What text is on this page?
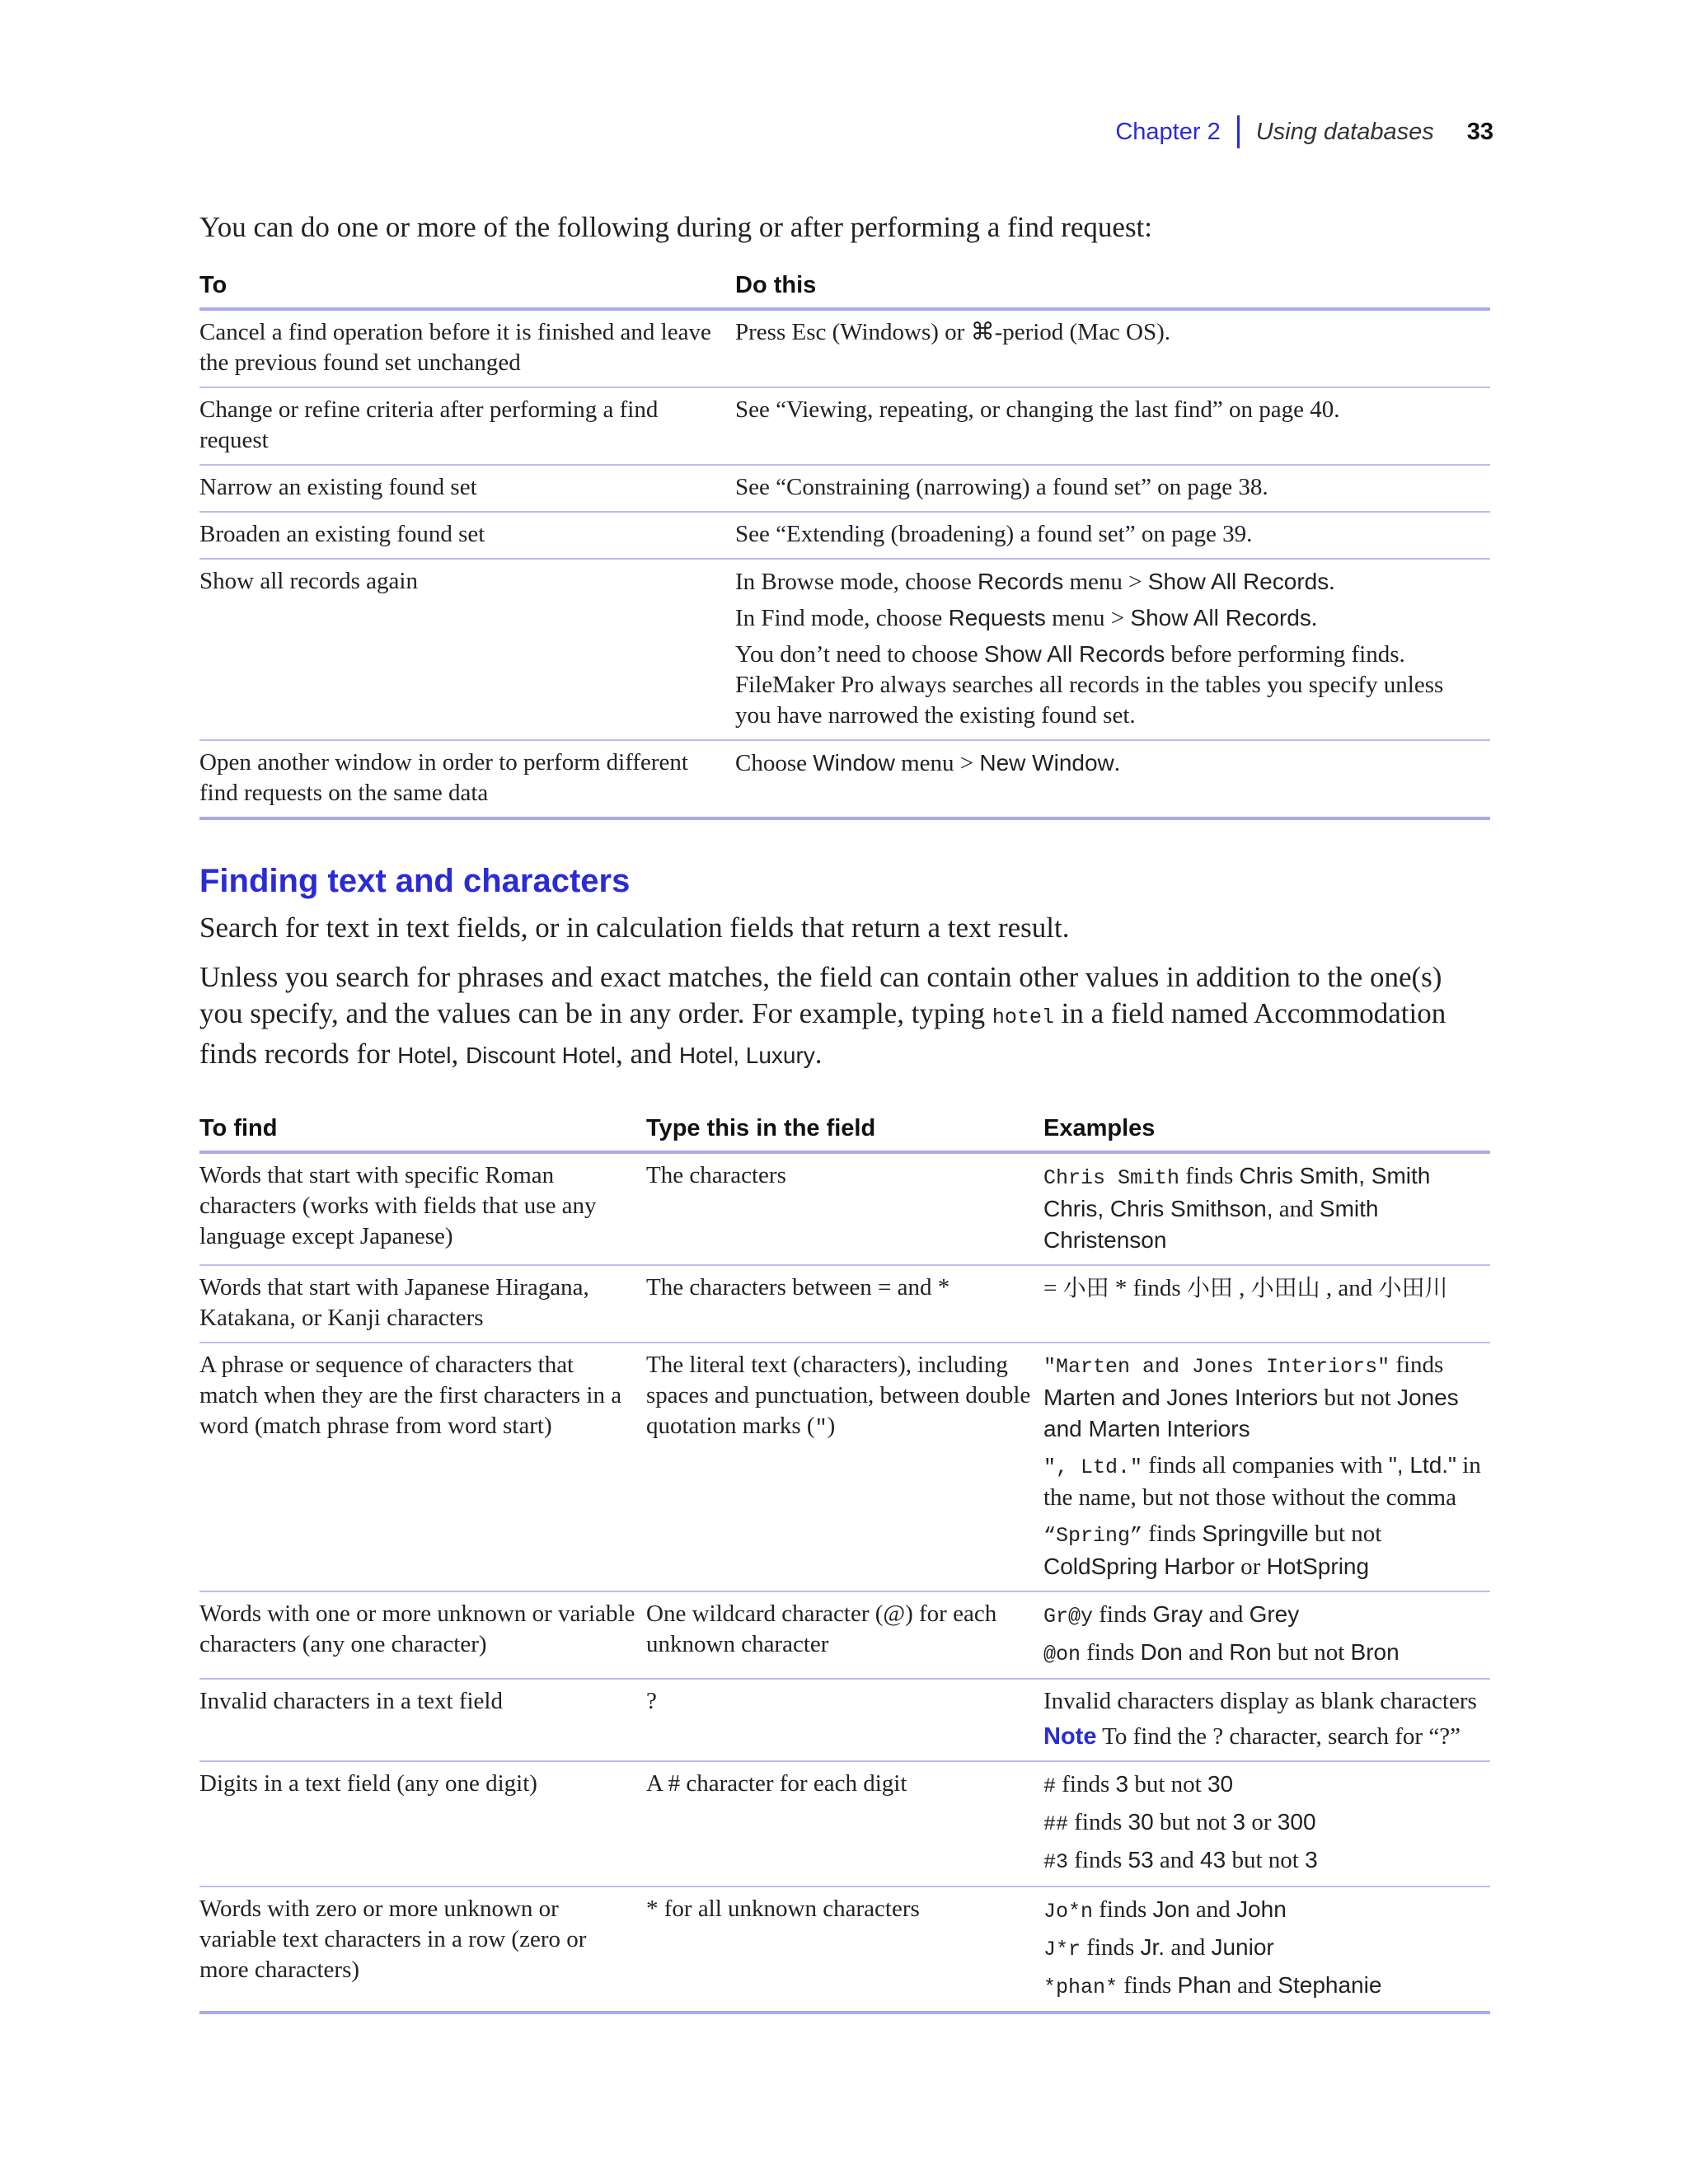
Chapter 2 Using databases 33

You can do one or more of the following during or after performing a find request:

To	Do this
Cancel a find operation before it is finished and leave the previous found set unchanged	Press Esc (Windows) or ⌘-period (Mac OS).

Change or refine criteria after performing a find request	See “Viewing, repeating, or changing the last find” on page 40.

Narrow an existing found set	See “Constraining (narrowing) a found set” on page 38.

Broaden an existing found set	See “Extending (broadening) a found set” on page 39.

Show all records again	In Browse mode, choose Records menu > Show All Records.
In Find mode, choose Requests menu > Show All Records.
You don’t need to choose Show All Records before performing finds. FileMaker Pro always searches all records in the tables you specify unless you have narrowed the existing found set.

Open another window in order to perform different find requests on the same data	Choose Window menu > New Window.
Finding text and characters

Search for text in text fields, or in calculation fields that return a text result.

Unless you search for phrases and exact matches, the field can contain other values in addition to the one(s) you specify, and the values can be in any order. For example, typing hotel in a field named Accommodation finds records for Hotel, Discount Hotel, and Hotel, Luxury.

To find	Type this in the field	Examples
Words that start with specific Roman characters (works with fields that use any language except Japanese)	The characters	Chris Smith finds Chris Smith, Smith Chris, Chris Smithson, and Smith Christenson

Words that start with Japanese Hiragana, Katakana, or Kanji characters	The characters between = and *	= 小田 * finds 小田 , 小田山 , and 小田川

A phrase or sequence of characters that match when they are the first characters in a word (match phrase from word start)	The literal text (characters), including spaces and punctuation, between double quotation marks (")	"Marten and Jones Interiors" finds Marten and Jones Interiors but not Jones and Marten Interiors
", Ltd." finds all companies with ", Ltd." in the name, but not those without the comma
“Spring” finds Springville but not ColdSpring Harbor or HotSpring

Words with one or more unknown or variable characters (any one character)	One wildcard character (@) for each unknown character	Gr@y finds Gray and Grey
@on finds Don and Ron but not Bron

Invalid characters in a text field	?	Invalid characters display as blank characters
Note To find the ? character, search for “?”

Digits in a text field (any one digit)	A # character for each digit	# finds 3 but not 30
## finds 30 but not 3 or 300
#3 finds 53 and 43 but not 3

Words with zero or more unknown or variable text characters in a row (zero or more characters)	* for all unknown characters	Jo*n finds Jon and John
J*r finds Jr. and Junior
*phan* finds Phan and Stephanie
